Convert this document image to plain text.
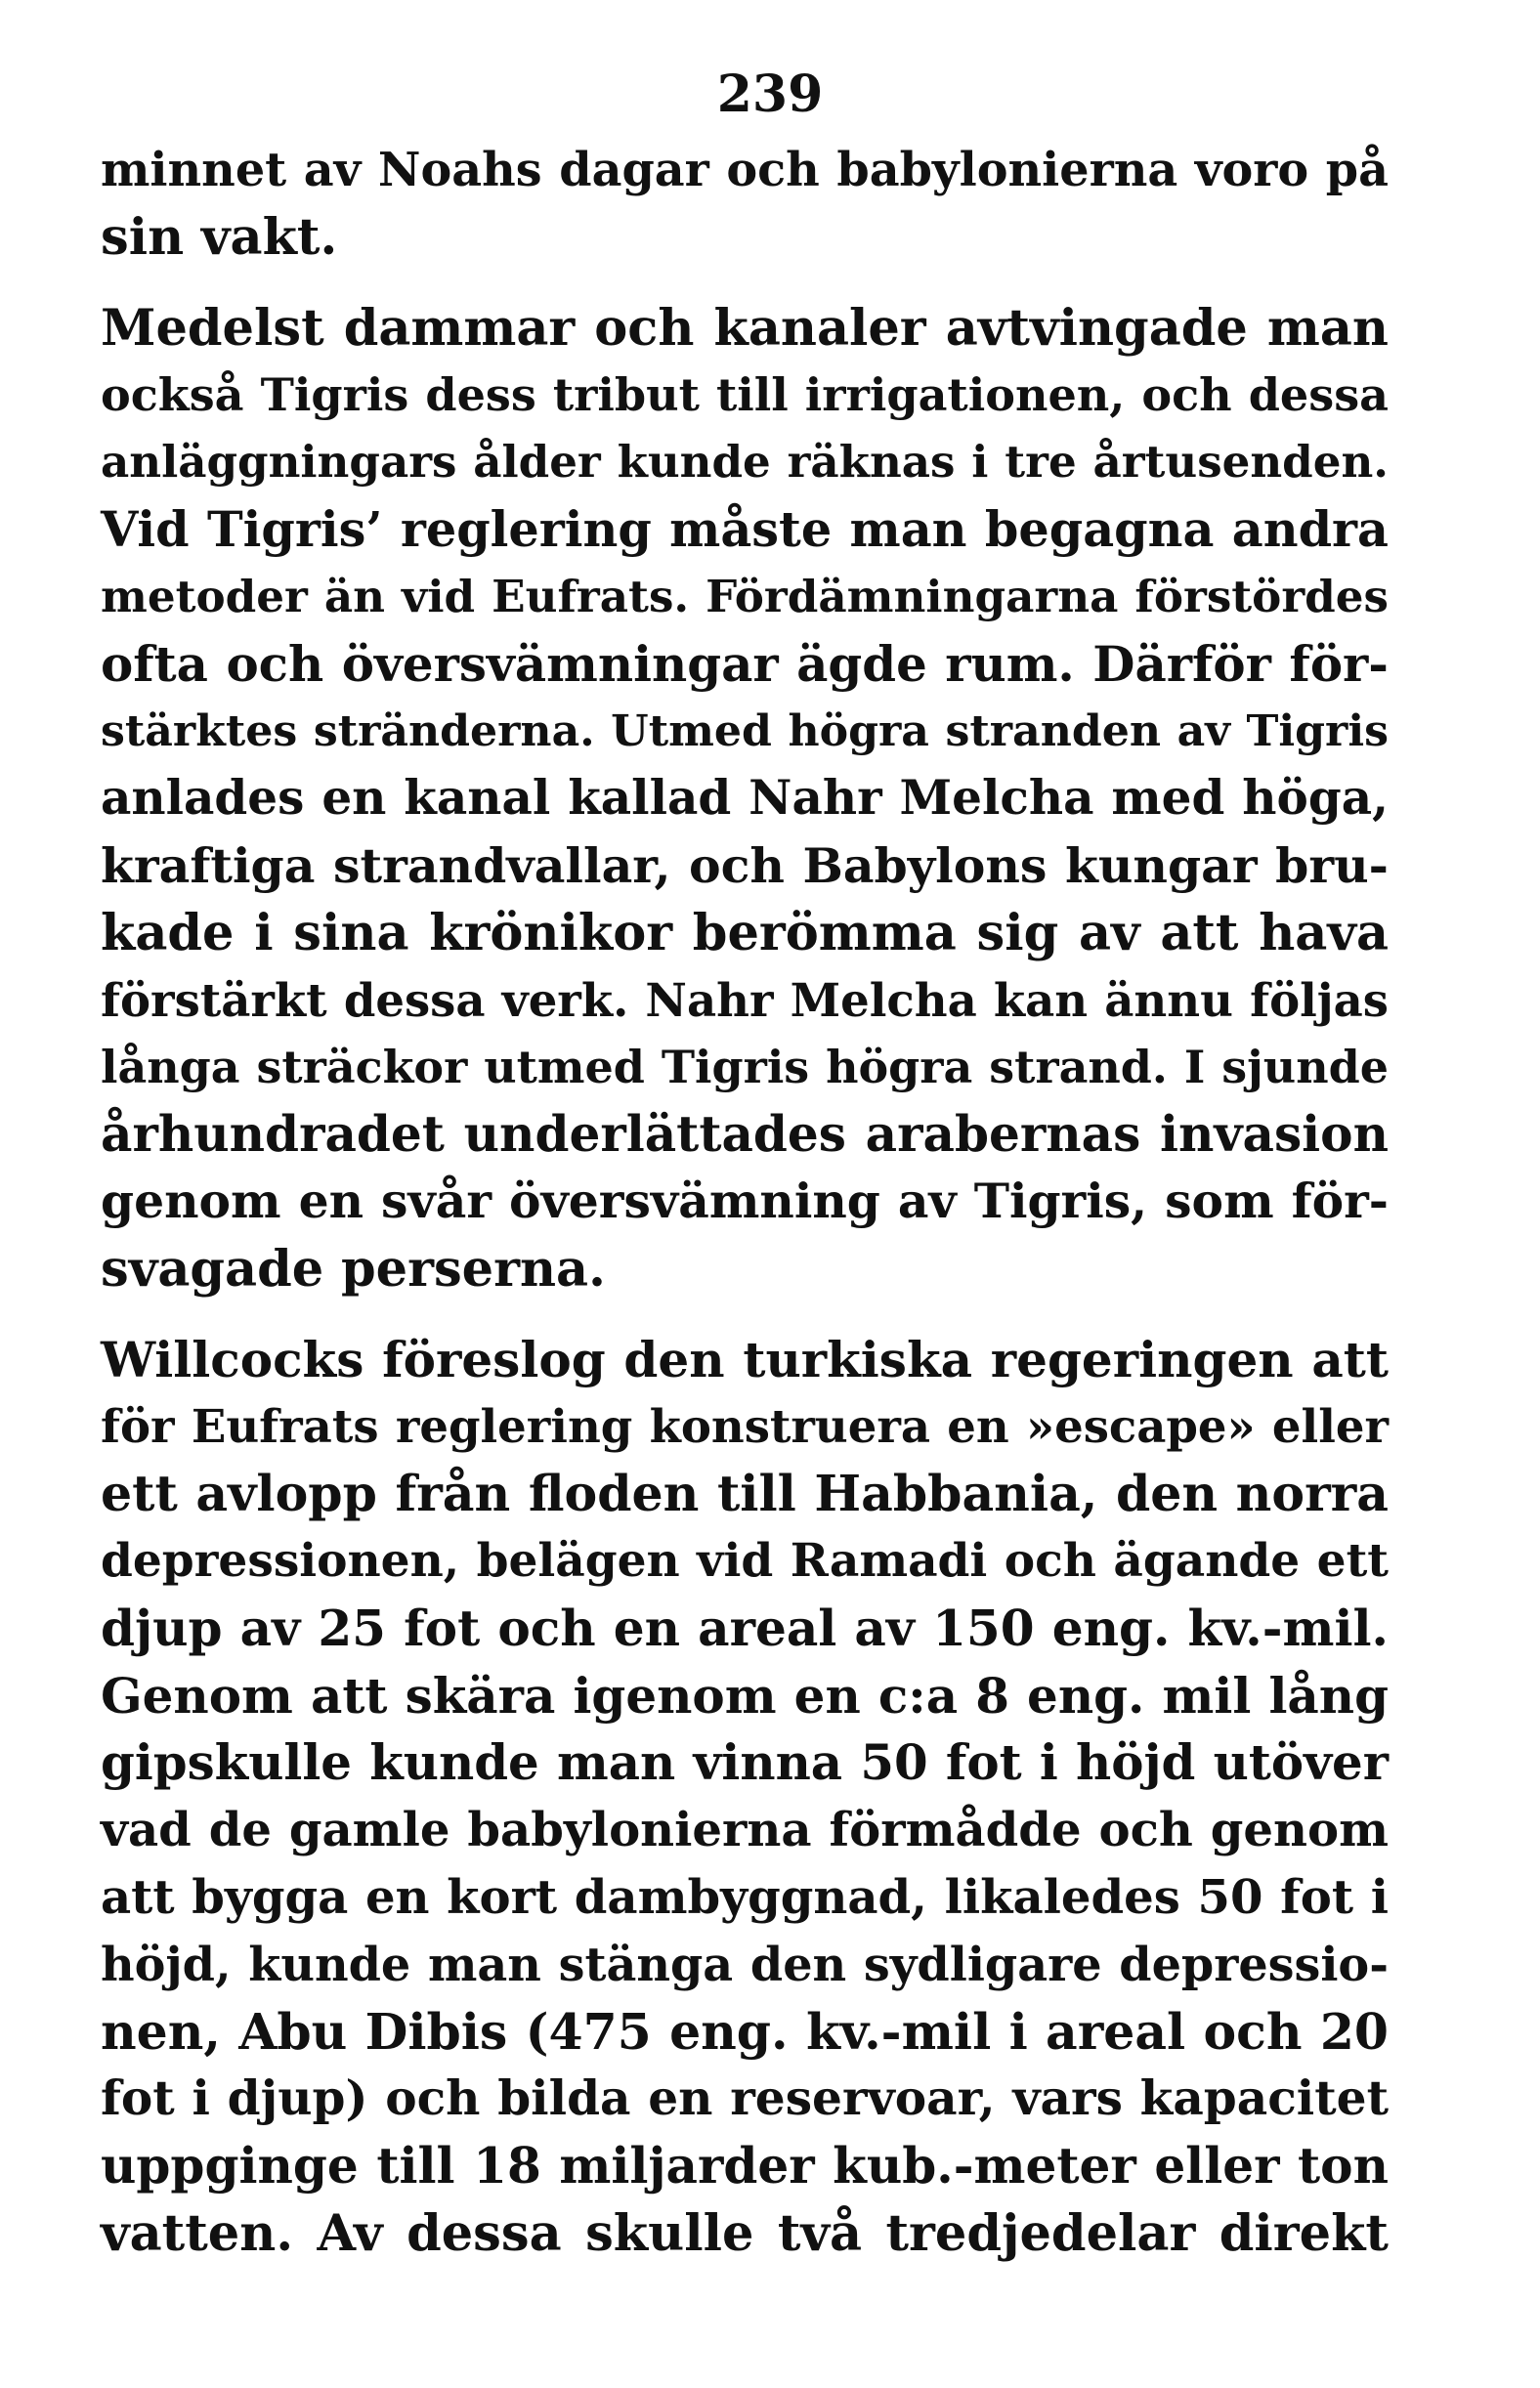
239
minnet av Noahs dagar och babylonierna voro på
sin vakt.
Medelst dammar och kanaler avtvingade man
också Tigris dess tribut till irrigationen, och dessa
anläggningars ålder kunde räknas i tre årtusenden.
Vid Tigris’ reglering måste man begagna andra
metoder än vid Eufrats. Fördämningarna förstördes
ofta och översvämningar ägde rum. Därför för-
stärktes stränderna. Utmed högra stranden av Tigris
anlades en kanal kallad Nahr Melcha med höga,
kraftiga strandvallar, och Babylons kungar bru-
kade i sina krönikor berömma sig av att hava
förstärkt dessa verk. Nahr Melcha kan ännu följas
långa sträckor utmed Tigris högra strand. I sjunde
århundradet underlättades arabernas invasion
genom en svår översvämning av Tigris, som för-
svagade perserna.
Willcocks föreslog den turkiska regeringen att
för Eufrats reglering konstruera en »escape» eller
ett avlopp från floden till Habbania, den norra
depressionen, belägen vid Ramadi och ägande ett
djup av 25 fot och en areal av 150 eng. kv.-mil.
Genom att skära igenom en c:a 8 eng. mil lång
gipskulle kunde man vinna 50 fot i höjd utöver
vad de gamle babylonierna förmådde och genom
att bygga en kort dambyggnad, likaledes 50 fot i
höjd, kunde man stänga den sydligare depressio-
nen, Abu Dibis (475 eng. kv.-mil i areal och 20
fot i djup) och bilda en reservoar, vars kapacitet
uppginge till 18 miljarder kub.-meter eller ton
vatten. Av dessa skulle två tredjedelar direkt
